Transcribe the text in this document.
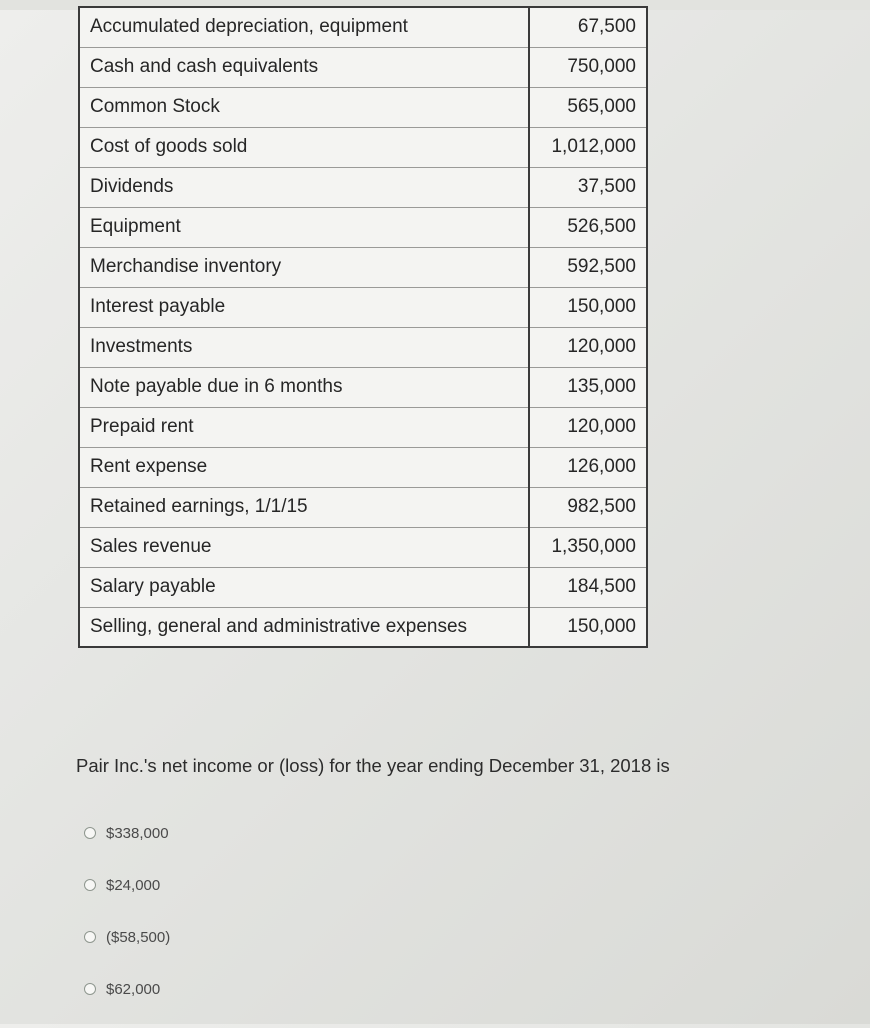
Accumulated depreciation, equipment	67,500
Cash and cash equivalents	750,000
Common Stock	565,000
Cost of goods sold	1,012,000
Dividends	37,500
Equipment	526,500
Merchandise inventory	592,500
Interest payable	150,000
Investments	120,000
Note payable due in 6 months	135,000
Prepaid rent	120,000
Rent expense	126,000
Retained earnings, 1/1/15	982,500
Sales revenue	1,350,000
Salary payable	184,500
Selling, general and administrative expenses	150,000
Pair Inc.'s net income or (loss) for the year ending December 31, 2018 is
$338,000
$24,000
($58,500)
$62,000
